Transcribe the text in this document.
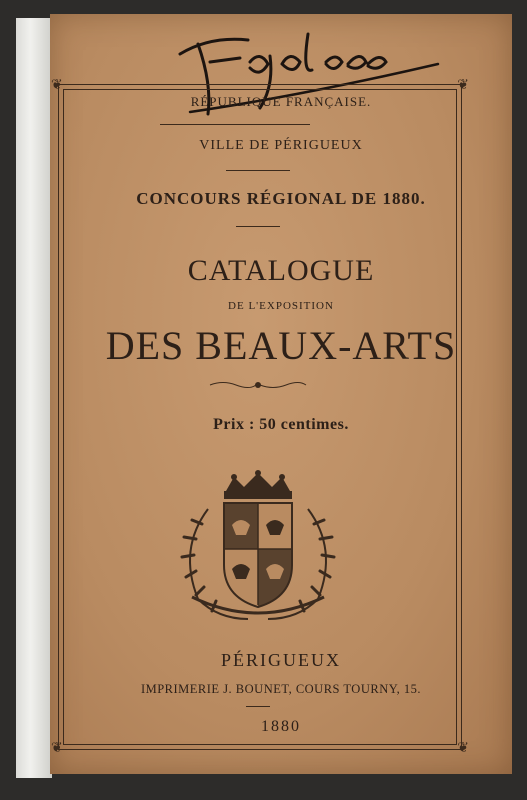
❦	❦
❦	❦
RÉPUBLIQUE FRANÇAISE.
VILLE DE PÉRIGUEUX
CONCOURS RÉGIONAL DE 1880.
CATALOGUE
DE L'EXPOSITION
DES BEAUX-ARTS
Prix : 50 centimes.
PÉRIGUEUX
IMPRIMERIE J. BOUNET, COURS TOURNY, 15.
1880
